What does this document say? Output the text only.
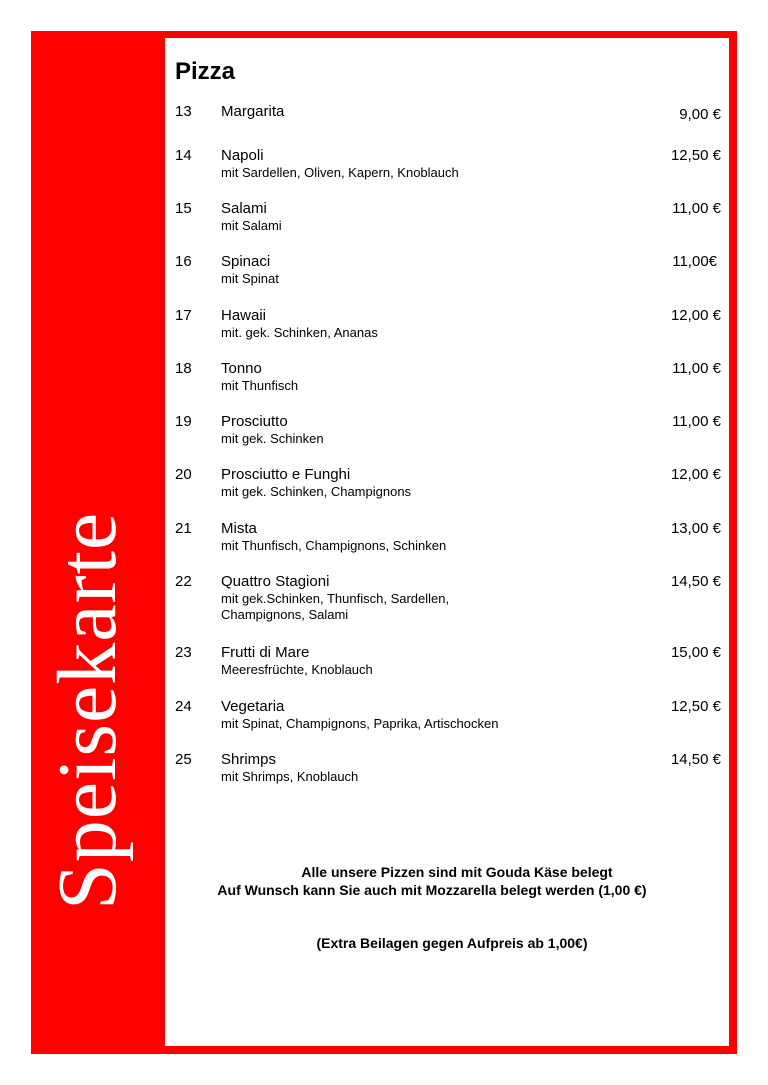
Speisekarte
Pizza
13 Margarita	9,00 €
14 Napoli
mit Sardellen, Oliven, Kapern, Knoblauch
12,50 €
15 Salami
mit Salami
11,00 €
16 Spinaci
mit Spinat
11,00€
17 Hawaii
mit. gek. Schinken, Ananas
12,00 €
18 Tonno
mit Thunfisch
11,00 €
19 Prosciutto
mit gek. Schinken
11,00 €
20 Prosciutto e Funghi
mit gek. Schinken, Champignons
12,00 €
21 Mista
mit Thunfisch, Champignons, Schinken
13,00 €
22 Quattro Stagioni
mit gek.Schinken, Thunfisch, Sardellen, Champignons, Salami
14,50 €
23 Frutti di Mare
Meeresfrüchte, Knoblauch
15,00 €
24 Vegetaria
mit Spinat, Champignons, Paprika, Artischocken
12,50 €
25 Shrimps
mit Shrimps, Knoblauch
14,50 €
Alle unsere Pizzen sind mit Gouda Käse belegt
Auf Wunsch kann Sie auch mit Mozzarella belegt werden (1,00 €)
(Extra Beilagen gegen Aufpreis ab 1,00€)
